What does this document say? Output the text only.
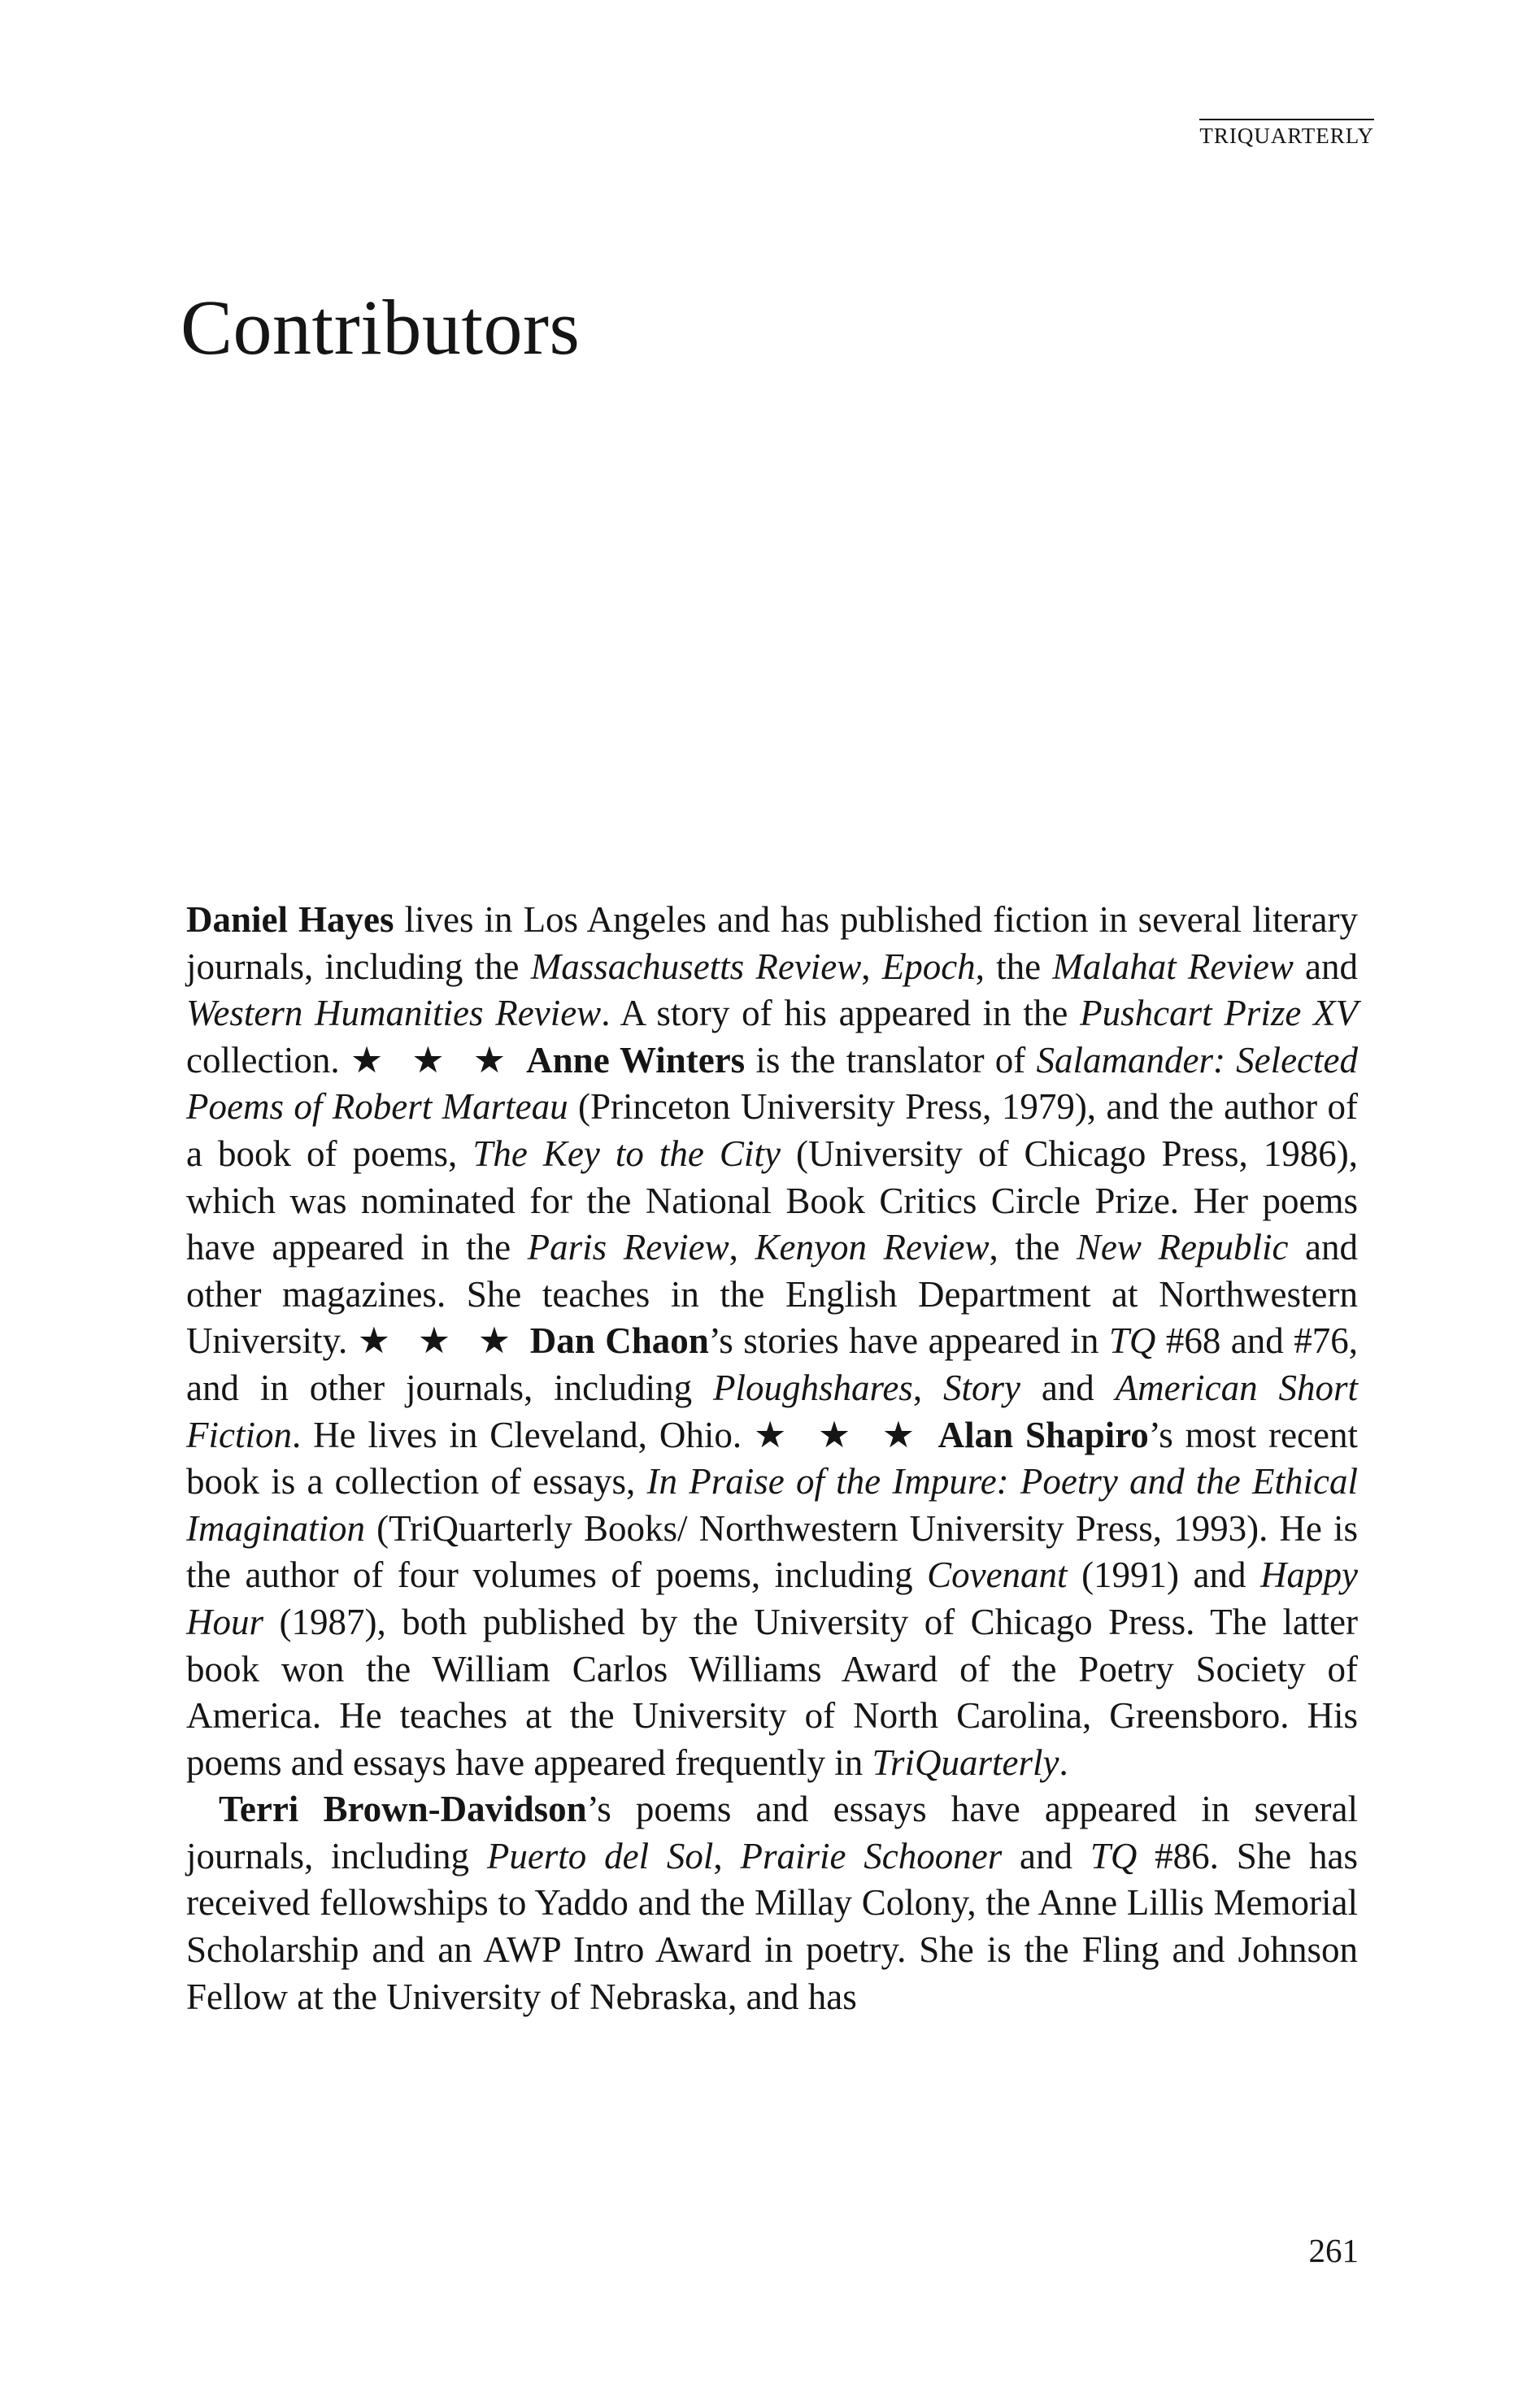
TRIQUARTERLY
Contributors

Daniel Hayes lives in Los Angeles and has published fiction in several literary journals, including the Massachusetts Review, Epoch, the Malahat Review and Western Humanities Review. A story of his appeared in the Pushcart Prize XV collection. ★ ★ ★ Anne Winters is the translator of Salamander: Selected Poems of Robert Marteau (Princeton University Press, 1979), and the author of a book of poems, The Key to the City (University of Chicago Press, 1986), which was nominated for the National Book Critics Circle Prize. Her poems have appeared in the Paris Review, Kenyon Review, the New Republic and other magazines. She teaches in the English Department at Northwestern University. ★ ★ ★ Dan Chaon’s stories have appeared in TQ #68 and #76, and in other journals, including Ploughshares, Story and American Short Fiction. He lives in Cleveland, Ohio. ★ ★ ★ Alan Shapiro’s most recent book is a collection of essays, In Praise of the Impure: Poetry and the Ethical Imagination (TriQuarterly Books/ Northwestern University Press, 1993). He is the author of four volumes of poems, including Covenant (1991) and Happy Hour (1987), both published by the University of Chicago Press. The latter book won the William Carlos Williams Award of the Poetry Society of America. He teaches at the University of North Carolina, Greensboro. His poems and essays have appeared frequently in TriQuarterly.

Terri Brown-Davidson’s poems and essays have appeared in several journals, including Puerto del Sol, Prairie Schooner and TQ #86. She has received fellowships to Yaddo and the Millay Colony, the Anne Lillis Memorial Scholarship and an AWP Intro Award in poetry. She is the Fling and Johnson Fellow at the University of Nebraska, and has

261
